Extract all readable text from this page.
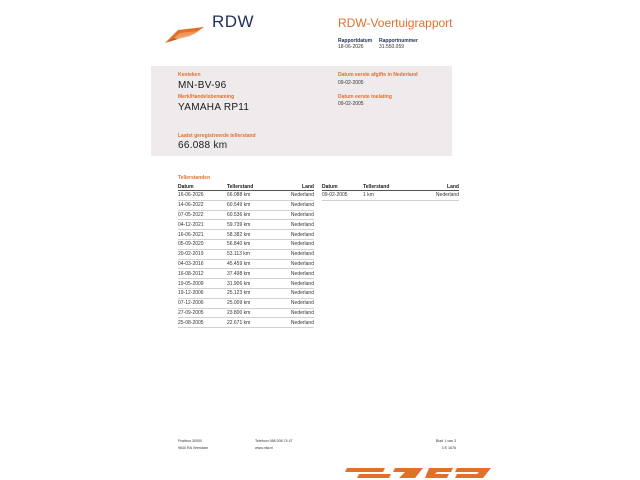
RDW	RDW-Voertuigrapport
Rapportdatum
18-06-2026
Rapportnummer
31.550.059
Kenteken
MN-BV-96
Merk/Handelsbenaming
YAMAHA RP11
Datum eerste afgifte in Nederland
09-02-2005
Datum eerste toelating
09-02-2005
Laatst geregistreerde tellerstand
66.088 km
Tellerstanden
Datum	Tellerstand	Land
16-06-2026	66.088 km	Nederland
14-06-2022	60.549 km	Nederland
07-05-2022	60.536 km	Nederland
04-12-2021	59.739 km	Nederland
16-06-2021	58.382 km	Nederland
05-09-2020	56.840 km	Nederland
20-02-2019	53.113 km	Nederland
04-03-2016	45.459 km	Nederland
16-08-2012	37.498 km	Nederland
19-05-2009	31.906 km	Nederland
19-12-2006	25.123 km	Nederland
07-12-2006	25.009 km	Nederland
27-09-2005	23.800 km	Nederland
25-08-2005	22.671 km	Nederland
Datum	Tellerstand	Land
09-02-2005	1 km	Nederland
Postbus 30000
9640 RA Veendam
Telefoon 088 008 74 47
www.rdw.nl
Blad 1 van 3
3 E 1678
